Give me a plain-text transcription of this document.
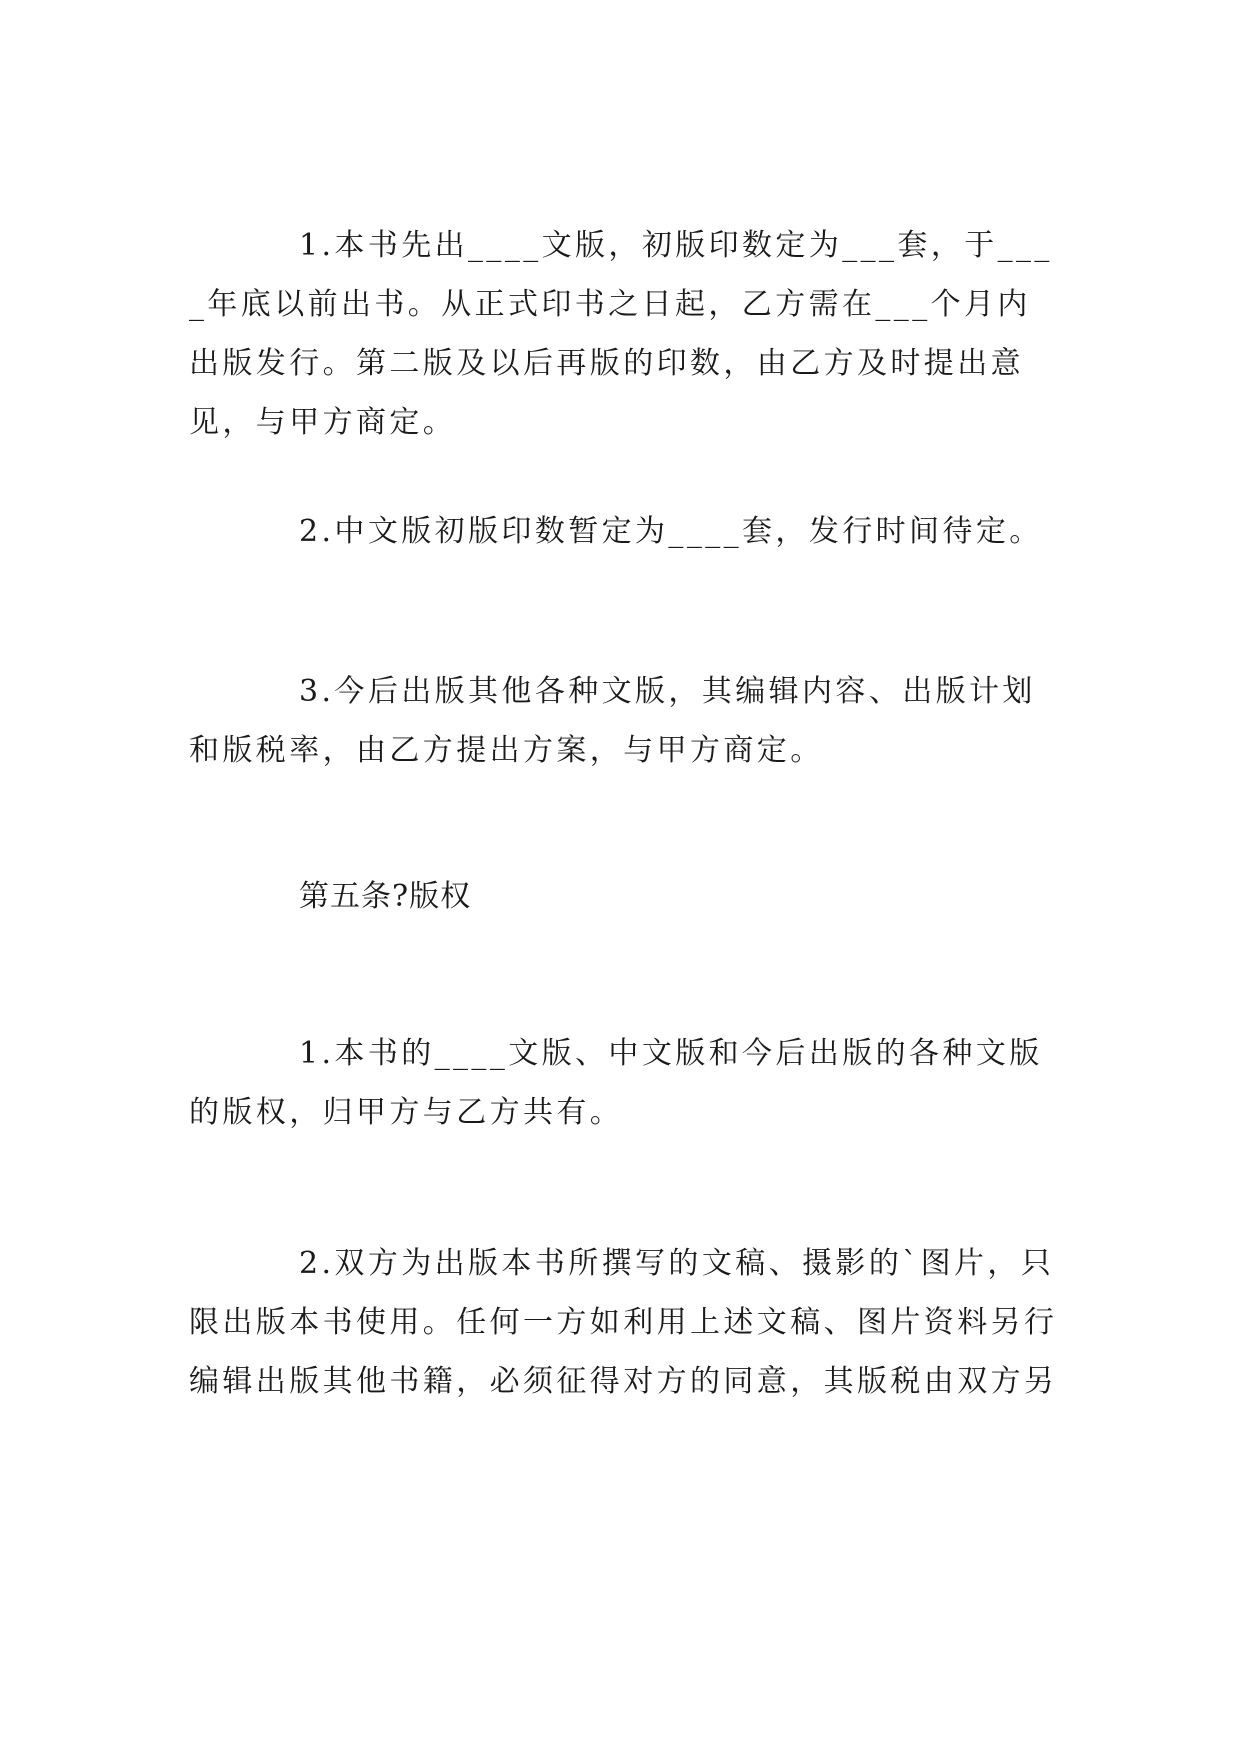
1.本书先出____文版，初版印数定为___套，于____年底以前出书。从正式印书之日起，乙方需在___个月内出版发行。第二版及以后再版的印数，由乙方及时提出意见，与甲方商定。

2.中文版初版印数暂定为____套，发行时间待定。

3.今后出版其他各种文版，其编辑内容、出版计划和版税率，由乙方提出方案，与甲方商定。

第五条?版权

1.本书的____文版、中文版和今后出版的各种文版的版权，归甲方与乙方共有。

2.双方为出版本书所撰写的文稿、摄影的`图片，只限出版本书使用。任何一方如利用上述文稿、图片资料另行编辑出版其他书籍，必须征得对方的同意，其版税由双方另
